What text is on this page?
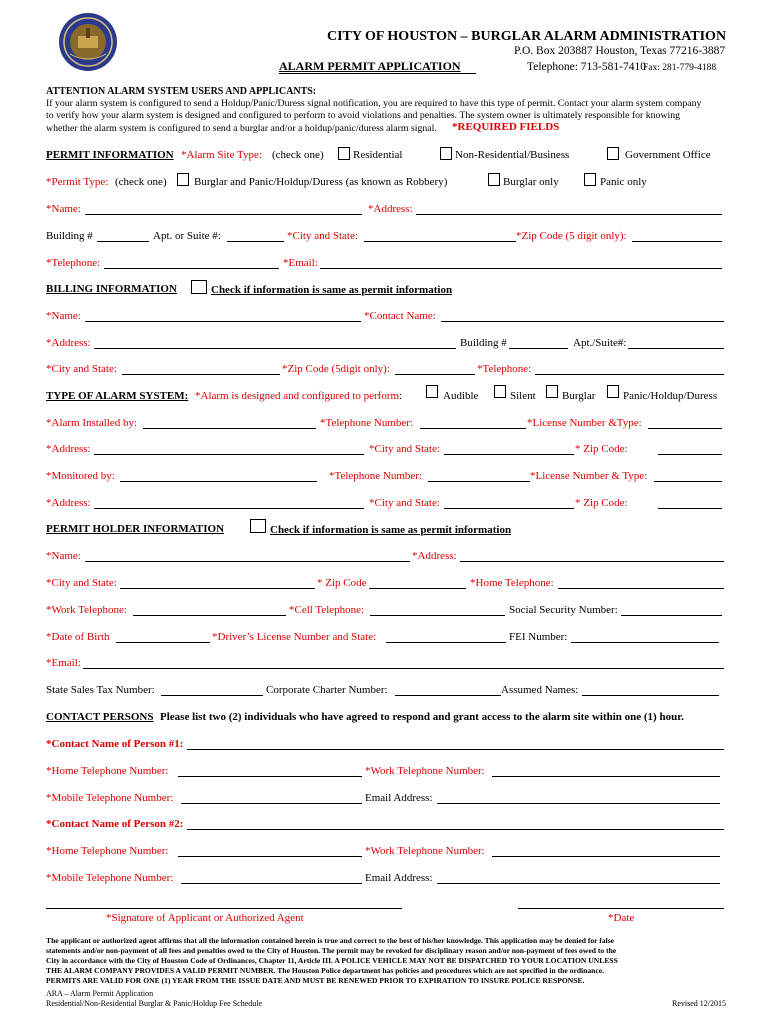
CITY OF HOUSTON – BURGLAR ALARM ADMINISTRATION
P.O. Box 203887 Houston, Texas 77216-3887
ALARM PERMIT APPLICATION	Telephone: 713-581-7410
Fax: 281-779-4188
ATTENTION ALARM SYSTEM USERS AND APPLICANTS:
If your alarm system is configured to send a Holdup/Panic/Duress signal notification, you are required to have this type of permit. Contact your alarm system company
to verify how your alarm system is designed and configured to perform to avoid violations and penalties. The system owner is ultimately responsible for knowing
whether the alarm system is configured to send a burglar and/or a holdup/panic/duress alarm signal. *REQUIRED FIELDS
PERMIT INFORMATION *Alarm Site Type: (check one)	Residential	Non-Residential/Business	Government Office
*Permit Type: (check one) Burglar and Panic/Holdup/Duress (as known as Robbery)	Burglar only	Panic only
*Name:	*Address:
Building #	Apt. or Suite #:	*City and State:	*Zip Code (5 digit only):
*Telephone:	*Email:
BILLING INFORMATION	Check if information is same as permit information
*Name:	*Contact Name:
*Address:	Building #	Apt./Suite#:
*City and State:	*Zip Code (5digit only):	*Telephone:
TYPE OF ALARM SYSTEM: *Alarm is designed and configured to perform:	Audible	Silent Burglar	Panic/Holdup/Duress
*Alarm Installed by:	*Telephone Number:	*License Number &Type:
*Address:	*City and State:	* Zip Code:
*Monitored by:	*Telephone Number:	*License Number & Type:
*Address:	*City and State:	* Zip Code:
PERMIT HOLDER INFORMATION	Check if information is same as permit information
*Name:	*Address:
*City and State:	* Zip Code	*Home Telephone:
*Work Telephone:	*Cell Telephone:	Social Security Number:
*Date of Birth	*Driver’s License Number and State:	FEI Number:
*Email:
State Sales Tax Number:	Corporate Charter Number:	Assumed Names:
CONTACT PERSONS Please list two (2) individuals who have agreed to respond and grant access to the alarm site within one (1) hour.
*Contact Name of Person #1:
*Home Telephone Number:	*Work Telephone Number:
*Mobile Telephone Number:	Email Address:
*Contact Name of Person #2:
*Home Telephone Number:	*Work Telephone Number:
*Mobile Telephone Number:	Email Address:
*Signature of Applicant or Authorized Agent	*Date
The applicant or authorized agent affirms that all the information contained herein is true and correct to the best of his/her knowledge. This application may be denied for false
statements and/or non-payment of all fees and penalties owed to the City of Houston. The permit may be revoked for disciplinary reason and/or non-payment of fees owed to the
City in accordance with the City of Houston Code of Ordinances, Chapter 11, Article III. A POLICE VEHICLE MAY NOT BE DISPATCHED TO YOUR LOCATION UNLESS
THE ALARM COMPANY PROVIDES A VALID PERMIT NUMBER. The Houston Police department has policies and procedures which are not specified in the ordinance.
PERMITS ARE VALID FOR ONE (1) YEAR FROM THE ISSUE DATE AND MUST BE RENEWED PRIOR TO EXPIRATION TO INSURE POLICE RESPONSE.
ARA – Alarm Permit Application
Residential/Non-Residential Burglar & Panic/Holdup Fee Schedule	Revised 12/2015
